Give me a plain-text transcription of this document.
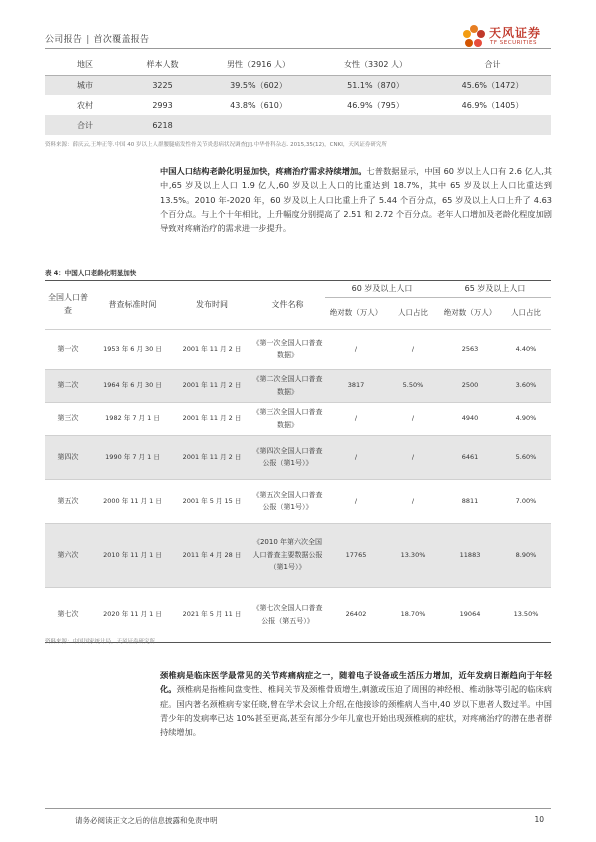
公司报告 | 首次覆盖报告	天风证券
TF SECURITIES
地区	样本人数	男性（2916 人）	女性（3302 人）	合计
城市	3225	39.5%（602）	51.1%（870）	45.6%（1472）
农村	2993	43.8%（610）	46.9%（795）	46.9%（1405）
合计	6218			
资料来源：薛庆云,王坤正等.中国 40 岁以上人群腰腿痛发性骨关节炎患病状况调查[J].中华骨科杂志. 2015,35(12)，CNKI，天风证券研究所				
中国人口结构老龄化明显加快，疼痛治疗需求持续增加。七普数据显示，中国 60 岁以上人口有 2.6 亿人,其中,65 岁及以上人口 1.9 亿人,60 岁及以上人口的比重达到 18.7%，其中 65 岁及以上人口比重达到 13.5%。2010 年-2020 年，60 岁及以上人口比重上升了 5.44 个百分点，65 岁及以上人口上升了 4.63 个百分点。与上个十年相比，上升幅度分别提高了 2.51 和 2.72 个百分点。老年人口增加及老龄化程度加剧导致对疼痛治疗的需求进一步提升。
表 4：中国人口老龄化明显加快
全国人口普查	普查标准时间	发布时间	文件名称	60 岁及以上人口		65 岁及以上人口	
				绝对数（万人）	人口占比	绝对数（万人）	人口占比
第一次	1953 年 6 月 30 日	2001 年 11 月 2 日	《第一次全国人口普查数据》	/	/	2563	4.40%
第二次	1964 年 6 月 30 日	2001 年 11 月 2 日	《第二次全国人口普查数据》	3817	5.50%	2500	3.60%
第三次	1982 年 7 月 1 日	2001 年 11 月 2 日	《第三次全国人口普查数据》	/	/	4940	4.90%
第四次	1990 年 7 月 1 日	2001 年 11 月 2 日	《第四次全国人口普查公报（第1号）》	/	/	6461	5.60%
第五次	2000 年 11 月 1 日	2001 年 5 月 15 日	《第五次全国人口普查公报（第1号）》	/	/	8811	7.00%
第六次	2010 年 11 月 1 日	2011 年 4 月 28 日	《2010 年第六次全国人口普查主要数据公报（第1号）》	17765	13.30%	11883	8.90%
第七次	2020 年 11 月 1 日	2021 年 5 月 11 日	《第七次全国人口普查公报（第五号）》	26402	18.70%	19064	13.50%
资料来源：中国国家统计局，天风证券研究所
颈椎病是临床医学最常见的关节疼痛病症之一，随着电子设备或生活压力增加，近年发病日渐趋向于年轻化。颈椎病是指椎间盘变性、椎间关节及颈椎骨质增生,刺激或压迫了周围的神经根、椎动脉等引起的临床病症。国内著名颈椎病专家任晓,曾在学术会议上介绍,在他接诊的颈椎病人当中,40 岁以下患者人数过半。中国青少年的发病率已达 10%甚至更高,甚至有部分少年儿童也开始出现颈椎病的症状，对疼痛治疗的潜在患者群持续增加。
请务必阅读正文之后的信息披露和免责申明	10
